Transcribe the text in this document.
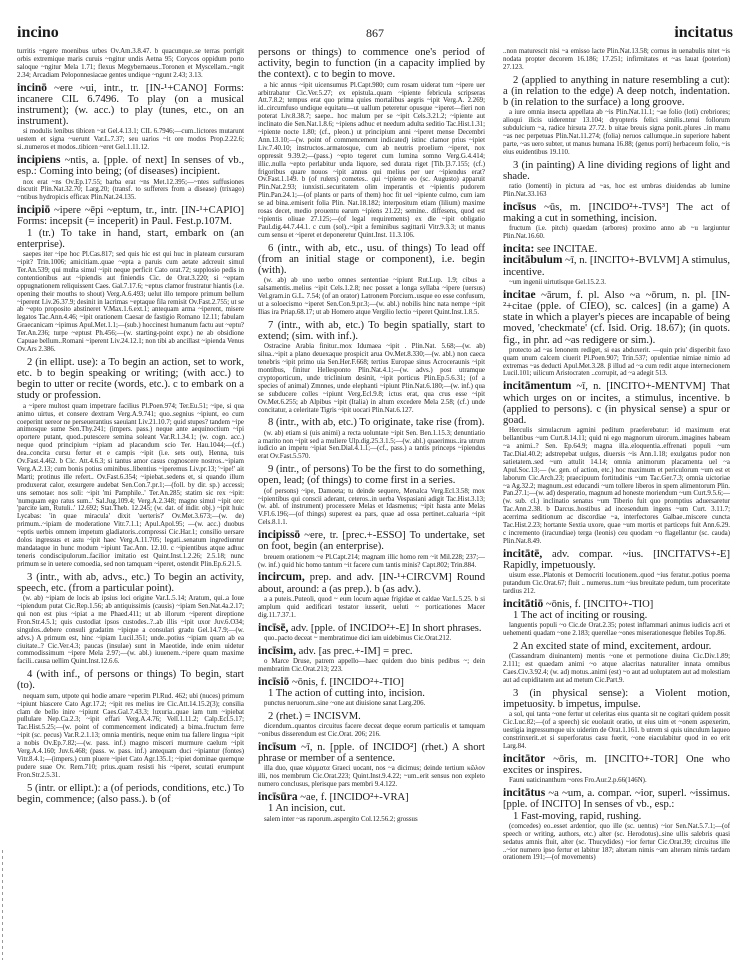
incino	867	incitatus

turritis ~ngere moenibus urbes Ov.Am.3.8.47. b quacunque..se terras porrigit orbis extremique maris curuis ~ngitur undis Aetna 95; Corycos oppidum porto saloque ~ngitur Mela 1.71; flexus Megybernaeus..Toronen et Myscellam..~ngit 2.34; Arcadiam Peloponnesiacae gentes undique ~ngunt 2.43; 3.13.

incinō ~ere ~ui, intr., tr. [IN-¹+CANO] Forms: incanere CIL 6.7496. To play (on a musical instrument); (w. acc.) to play (tunes, etc., on an instrument).

si modulis lenibus tibicen ~at Gel.4.13.1; CIL 6.7946;—cum..lictores mutarunt uestem et signa ~uerunt Var.L.7.37; seu uarios ~it ore modos Prop.2.22.6; si..numeros et modos..tibicen ~eret Gel.1.11.12.

incipiens ~ntis, a. [pple. of next] In senses of vb., esp.: Coming into being; (of diseases) incipient.

nox erat ~ns Ov.Ep.17.55; barba erat ~ns Met.12.395;—~ntes suffusiones discutit Plin.Nat.32.70; Larg.20; (transf. to sufferers from a disease) (trixago) ~ntibus hydropicis efficax Plin.Nat.24.135.

incipiō ~ipere ~ēpi ~eptum, tr., intr. [IN-¹+CAPIO] Forms: incepsit (= inceperit) in Paul. Fest.p.107M.

1 (tr.) To take in hand, start, embark on (an enterprise).

saepes iter ~ipe hoc Pl.Cas.817; sed quis hic est qui huc in plateam cursuram ~ipit? Trin.1006; amicitiam..quae ~epta a paruis cum aetate adcreuit simul Ter.An.539; qui multa simul ~ipit neque perficit Cato orat.72; supplosio pedis in contentionibus aut ~ipiendis aut finiendis Cic. de Orat.3.220; si ~eptam oppugnationem reliquissent Caes. Gal.7.17.6; ~eptus clamor frustratur hiantis (i.e. opening their mouths to shout) Verg.A.6.493; uelut illo tempore primum bellum ~iperent Liv.26.37.9; desinit in lacrimas ~eptaque fila remisit Ov.Fast.2.755; ut se ab ~epto proposito abstineret V.Max.1.6.ext.1; antequam arma ~iperent, misere legatos Tac.Ann.4.46; ~ipit orationem Caesar de fastigio Romano 12.11; fabulam Graecanicam ~ipimus Apul.Met.1.1;—(sub.) hoccinest humanum factu aut ~eptu? Ter.An.236; turpe ~eptust Ph.456;—(w. starting-point expr.) ne ab obsidione Capuae bellum..Romani ~iperent Liv.24.12.1; non tibi ab ancillast ~ipienda Venus Ov.Ars 2.386.

2 (in ellipt. use): a To begin an action, set to work, etc. b to begin speaking or writing; (with acc.) to begin to utter or recite (words, etc.). c to embark on a study or profession.

a ~ipere multost quam impetrare facilius Pl.Poen.974; Ter.Eu.51; ~ipe, si qua animo uirtus, et consere dextram Verg.A.9.741; quo..segnius ~ipiunt, eo cum coeperint uereor ne perseuerantius saeuiant Liv.21.10.7; quid stupes? tandem ~ipe animosque sume Sen.Thy.241; (impers. pass.) neque ante aequinoctium ~ipi oportere putant, quod..putescere semina soleant Var.R.1.34.1; (w. cogn. acc.) neque quod principium ~ipiam ad placandum scio Ter. Hau.1044;—(cf.) dea..concita cursu fertur et e campis ~ipit (i.e. sets out), Henna, tuis Ov.Fast.4.462. b Cic. Att.4.6.3; si tantus amor casus cognoscere nostros..~ipiam Verg.A.2.13; cum bonis potius ominibus..libentius ~iperemus Liv.pr.13; '~ipe!' ait Marti; protinus ille refert.. Ov.Fast.6.354; ~ipiebat..sedens et, si quando illum produxerat calor, exsurgere audebat Sen.Con.7.pr.1;—(foll. by dir. sp.) accessi; uns semotae: nos soli: ~ipit 'mi Pamphile..' Ter.An.285; statim sic rex ~ipit: 'numquam ego ratus sum..' Sal.Jug.109.4; Verg.A.2.348; magno simul ~ipit ore: 'parcite iam, Rutuli..' 12.692; Stat.Theb. 12.245; (w. dat. of indir. obj.) ~ipit huic Lycabas: 'in quae miracula' dixit 'uerteris?' Ov.Met.3.673;—(w. de) primum..~ipiam de moderatione Vitr.7.1.1; Apul.Apol.95; —(w. acc.) duobus ~eptis uerbis omnem impetum gladiatoris..compressi Cic.Har.1; consilio uersare dolos ingressus et astu ~ipit haec Verg.A.11.705; legati..senatum ingrediuntur mandataque in hunc modum ~ipiunt Tac.Ann. 12.10. c ~ipientibus atque adhuc teneris condiscipulorum..facilior imitatio est Quint.Inst.1.2.26; 2.5.18; nunc primum se in uetere comoedia, sed non tamquam ~iperet, ostendit Plin.Ep.6.21.5.

3 (intr., with ab, advs., etc.) To begin an activity, speech, etc. (from a particular point).

(w. ab) ~ipiam de locis ab ipsius loci origine Var.L.5.14; Aratum, qui..a Ioue ~ipiendum putat Cic.Rep.1.56; ab antiquissimis (causis) ~ipiam Sen.Nat.4a.2.17; qui non est pius ~ipiat a me Phaed.411; ut ab illorum ~iperent direptione Fron.Str.4.5.1; quis custodiat ipsos custodes..?..ab illis ~ipit uxor Juv.6.O34; singulos..debere consuli gradatim ~ipique a consulari gradu Gel.14.7.9;—(w. advs.) A primum est, hinc ~ipiam Lucil.351; unde..potius ~ipiam quam ab ea ciuitate..? Cic.Ver.4.3; paucas (insulae) sunt in Maeotide, inde enim uidetur commodissimum ~ipere Mela 2.97;—(w. abl.) iuuenem..~ipere quam maxime facili..causa uellim Quint.Inst.12.6.6.

4 (with inf., of persons or things) To begin, start (to).

nequam sum, utpote qui hodie amare ~eperim Pl.Rud. 462; ubi (nuces) primum ~ipiunt hiascere Cato Agr.17.2; ~ipit res melius ire Cic.Att.14.15.2(3); consilia clam de bello inire ~ipiunt Caes.Gal.7.43.3; luxuria..quae iam tum ~ipiebat pullulare Nep.Ca.2.3; ~ipit effari Verg.A.4.76; Vell.1.11.2; Calp.Ecl.5.17; Tac.Hist.5.25;—(w. point of commencement indicated) a bima..fructum ferre ~ipit (sc. pecus) Var.R.2.1.13; omnia mentiris, neque enim tua fallere lingua ~ipit a nobis Ov.Ep.7.82;—(w. pass. inf.) magno misceri murmure caelum ~ipit Verg.A.4.160; Juv.6.468; (pass. w. pass. inf.) antequam duci ~ipiantur (fontes) Vitr.8.4.1;—(impers.) cum pluere ~ipiet Cato Agr.135.1; ~ipiet dominae quemque pudere suae Ov. Rem.710; prius..quam resisti his ~iperet, scutati erumpunt Fron.Str.2.5.31.

5 (intr. or ellipt.): a (of periods, conditions, etc.) To begin, commence; (also pass.). b (of

persons or things) to commence one's period of activity, begin to function (in a capacity implied by the context). c to begin to move.

a hic annus ~ipit uicensumus Pl.Capt.980; cum rosam uiderat tum ~ipere uer arbitrabatur Cic.Ver.5.27; ex epistula..quam ~ipiente febricula scripseras Att.7.8.2; tempus erat quo prima quies mortalibus aegris ~ipit Verg.A. 2.269; id..circumfuso undique equitatu—ut uallum peteretur opusque ~iperet—fieri non poterat Liv.8.38.7; saepe.. hoc malum per se ~ipit Cels.3.21.2; ~ipiente aut inclinato die Sen.Nat.1.8.6; ~ipiens adhuc et needum adulta seditio Tac.Hist.1.31; ~ipiente nocte 1.80; (cf., pleon.) ut principium anni ~iperet mense Decembri Ann.13.10;—(w. point of commencement indicated) istinc clamor prius ~ipiet Liv.7.40.10; instructos..armatosque, cum ab neutris proelium ~iperet, nox oppressit 9.39.2;—(pass.) ~epto tegeret cum lumina somno Verg.G.4.414; illic..nulla ~epto perlabitur unda liquore, sed durata riget [Tib.]3.7.155; (cf.) frigoribus quare nouos ~ipit annus qui melius per uer ~ipiendus erat? Ov.Fast.1.149. b (of rulers) cometes.. qui ~ipiente eo (sc. Augusto) apparuit Plin.Nat.2.93; iunxisti..securitatem olim imperantis et ~ipientis pudorem Plin.Pan.24.1;—(of plants or parts of them) hoc fit uel ~ipiente culmo, cum iam se ad bina..emiserit folia Plin. Nat.18.182; interpositum etiam (lilium) maxime rosas decet, medio prouentu earum ~ipiens 21.22; semine.. diffesens, quod est ~ipientis oliuae 27.125;—(of legal requirements) ex die ~ipit obligatio Paul.dig.44.7.44.1. c cum (sol)..~ipit a feminibus sagittarii Vitr.9.3.3; ut manus cum sensu et ~iperet et deponeretur Quint.Inst. 11.3.106.

6 (intr., with ab, etc., usu. of things) To lead off (from an initial stage or component), i.e. begin (with).

(w. ab) ab uno uerbo omnes sententiae ~ipiunt Rut.Lup. 1.9; cibus a salsamentis..melius ~ipit Cels.1.2.8; nec posset a longa syllaba ~ipere (uersus) Vel.gram.in G.L. 7.54; (of an orator) Latronem Porcium..usque eo esse confusum, ut a soloecismo ~iperet Sen.Con.9.pr.3;—(w. abl.) nobilis hinc nata nempe ~ipit Ilias ira Priap.68.17; ut ab Homero atque Vergilio lectio ~iperet Quint.Inst.1.8.5.

7 (intr., with ab, etc.) To begin spatially, start to extend; (sim. with inf.).

Ostracine Arabia finitur..mox Idumaea ~ipit . Plin.Nat. 5.68;—(w. ab) silua..~ipit a plano deuexaque prospicit arua Ov.Met.8.330;—(w. abl.) non caeca tenebris ~ipit primo uia Sen.Her.F.668; tertius Europae sinus Acroceraunis ~ipit montibus, finitur Hellesponto Plin.Nat.4.1;—(w. advs.) post utramque cryptoporticum, unde triclinium desinit, ~ipit porticus Plin.Ep.5.6.31; (of a species of animal) Zmnnes, unde elephanti ~ipiunt Plin.Nat.6.180;—(w. inf.) qua se subducere colles ~ipiunt Verg.Ecl.9.8; ictus erat, qua crus esse ~ipit Ov.Met.6.255; ab Alpibus ~ipit (Italia) in altum excedere Mela 2.58; (cf.) unde concitatur, a celeritate Tigris ~ipit uocari Plin.Nat.6.127.

8 (intr., with ab, etc.) To originate, take rise (from).

(w. ab) etiam si (uis animi) a recta uoluntate ~ipit Sen. Ben.1.15.3; denuntiatio a marito non ~ipit sed a muliere Ulp.dig.25.3.1.5;—(w. abl.) quaerimus..ira utrum iudicio an impetu ~ipiat Sen.Dial.4.1.1;—(cf., pass.) a tantis princeps ~ipiendus erat Ov.Fast.5.570.

9 (intr., of persons) To be the first to do something, open, lead; (of things) to come first in a series.

(of persons) ~ipe, Damoeta; tu deinde sequere, Menalca Verg.Ecl.3.58; mox ~ipientibus qui conscii aderant, ceteros..in uerba Vespasiani adigit Tac.Hist.3.13; (w. abl. of instrument) processere Melas et Idasmenus; ~ipit hasta ante Melas V.Fl.6.196;—(of things) superest ea pars, quae ad ossa pertinet..caluaria ~ipit Cels.8.1.1.

incipissō ~ere, tr. [prec.+-ESSO] To undertake, set on foot, begin (an enterprise).

breuem orationem ~e Pl.Capt.214; magnam illic homo rem ~it Mil.228; 237;—(w. inf.) quid hic homo tantum ~it facere cum tantis minis? Capt.802; Trin.884.

incircum, prep. and adv. [IN-¹+CIRCVM] Round about, around: a (as prep.). b (as adv.).

a a puteis..Puteoli, quod ~ eum locum aquae frigidae et caldae Var.L.5.25. b si amplum quid aedificari testator iusserit, ueluti ~ porticationes Macer dig.11.7.37.1.

incīsē, adv. [pple. of INCIDO²+-E] In short phrases.

quo..pacto deceat ~ membratimue dici iam uidebimus Cic.Orat.212.

incīsim, adv. [as prec.+-IM] = prec.

o Marce Druse, patrem appello—haec quidem duo binis pedibus ~; dein membratim Cic.Orat.213; 223.

incīsiō ~ōnis, f. [INCIDO²+-TIO]

1 The action of cutting into, incision.

punctus neruorum..sine ~one aut diuisione sanat Larg.206.

2 (rhet.) = INCISVM.

dicendum..quantos circuitus facere deceat deque eorum particulis et tamquam ~onibus disserendum est Cic.Orat. 206; 216.

incīsum ~ī, n. [pple. of INCIDO²] (rhet.) A short phrase or member of a sentence.

illa duo, quae κόμματα Graeci uocant, nos ~a dicimus; deinde tertium κῶλον illi, nos membrum Cic.Orat.223; Quint.Inst.9.4.22; ~um..erit sensus non expleto numero conclusus, plerisque pars membri 9.4.122.

incīsūra ~ae, f. [INCIDO²+-VRA]

1 An incision, cut.

salem inter ~as raporum..aspergito Col.12.56.2; grossus

..non maturescit nisi ~a emisso lacte Plin.Nat.13.58; cornus in uenabulis nitet ~is nodata propter decorem 16.186; 17.251; infirmitates et ~as lauat (poterion) 27.123.

2 (applied to anything in nature resembling a cut): a (in relation to the edge) A deep notch, indentation. b (in relation to the surface) a long groove.

a iure omnia insecta appellata ab ~is Plin.Nat.11.1; ~ae folio (loti) crebriores; alioqui ilicis uiderentur 13.104; dryopteris felici similis..tenui follorum subdulcium ~a, radice hirsuta 27.72. b uitae breuis signa ponit..plures ..in manu ~as nec perpetuas Plin.Nat.11.274; (folia) neruos callumque..in superiore habent parte, ~as uero subter, ut manus humana 16.88; (genus porri) herbaceum folio, ~is eius euidentibus 19.110.

3 (in painting) A line dividing regions of light and shade.

ratio (lomenti) in pictura ad ~as, hoc est umbras diuidendas ab lumine Plin.Nat.33.163

incīsus ~ūs, m. [INCIDO²+-TVS³] The act of making a cut in something, incision.

fructum (i.e. pitch) quaedam (arbores) proximo anno ab ~u largiuntur Plin.Nat.16.60.

incita: see INCITAE.

incitābulum ~ī, n. [INCITO+-BVLVM] A stimulus, incentive.

~um ingenii uirtutisque Gel.15.2.3.

incitae ~ārum, f. pl. Also ~a ~ōrum, n. pl. [IN-²+citae (pple. of CIEO), sc. calces] (in a game) A state in which a player's pieces are incapable of being moved, 'checkmate' (cf. Isid. Orig. 18.67); (in quots. fig., in phr. ad ~as redigere or sim.).

protecto ad ~as lenonem rediget, si eas abduxerit. —quin priu' disperibit faxo quam unum calcem ciuerit Pl.Poen.907; Trin.537; opulentiae nimiae nimio ad extremas ~as deducti Apul.Met.3.28. β illud ad ~a cum redit atque internecionem Lucil.101; uilicum Aristocraten ..corrupit, ad ~a adegit 513.

incitāmentum ~ī, n. [INCITO+-MENTVM] That which urges on or incites, a stimulus, incentive. b (applied to persons). c (in physical sense) a spur or goad.

Herculis simulacrum agmini peditum praeferebatur: id maximum erat bellantibus ~um Curt.8.14.11; quid ni ego magnorum uirorum..imagines habeam ~a animi..? Sen. Ep.64.9; magna illa..eloquentia..effrenati populi ~um Tac.Dial.40.2; adstrepebat uulgus, diuersis ~is Ann.1.18; exulgatus pudor non satietatem..sed ~um attulit 14.14; omnia animorum placamenta uel ~a Apul.Soc.13;— (w. gen. of action, etc.) hoc maximum et periculorum ~um est et laborum Cic.Arch.23; praecipuum fortitudinis ~um Tac.Ger.7.3; omnia uictoriae ~a Ag.32.2; magnum..est educandi ~um tollere liberos in spem alimentorum Plin. Pan.27.1;—(w. ad) desperatio, magnum ad honeste moriendum ~um Curt.9.5.6;—(w. sub. cl.) inclinatio senatus ~um Tiberio fuit quo promptius aduersaretur Tac.Ann.2.38. b Darcus..hostibus ad incesendum ingens ~um Curt. 3.11.7; acerrima seditionum ac discordiae ~a, interfectores Galbae..miscere cuncta Tac.Hist.2.23; hortante Sextia uxore, quae ~um mortis et particeps fuit Ann.6.29. c incremento (iracundiae) terga (leonis) ceu quodam ~o flagellantur (sc. cauda) Plin.Nat.8.49.

incitātē, adv. compar. ~ius. [INCITATVS+-E] Rapidly, impetuously.

uisum esse..Platonis et Democriti locutionem..quod ~ius feratur..potius poema putandum Cic.Orat.67; fluit .. numerus..tum ~ius breuitate pedum, tum proceritate tardius 212.

incitātiō ~ōnis, f. [INCITO+-TIO]

1 The act of inciting or rousing.

languentis populi ~o Cic.de Orat.2.35; potest inflammari animus iudicis acri et uehementi quadam ~one 2.183; querellae ~ones miserationesque flebiles Top.86.

2 An excited state of mind, excitement, ardour.

(Cassandram diuinantem) mentis ~one et permotione diuina Cic.Div.1.89; 2.111; est quaedam animi ~o atque alacritas naturaliter innata omnibus Caes.Civ.3.92.4; (w. ad) motus..animi (est) ~o aut ad uoluptatem aut ad molestiam aut ad cupiditatem aut ad metum Cic.Part.9.

3 (in physical sense): a Violent motion, impetuosity. b impetus, impulse.

a sol, qui tanta ~one fertur ut celeritas eius quanta sit ne cogitari quidem possit Cic.Luc.82;—(of a speech) sic euolauit oratio, ut eius uim et ~onem aspexerim, uestigia ingressumque uix uiderim de Orat.1.161. b utrem si quis uinculum laqueo constrinxerit..et si superforatus casu fuerit, ~one eiaculabitur quod in eo erit Larg.84.

incitātor ~ōris, m. [INCITO+-TOR] One who excites or inspires.

Fauni uaticinanthum ~ores Fro.Aur.2.p.66(146N).

incitātus ~a ~um, a. compar. ~ior, superl. ~issimus. [pple. of INCITO] In senses of vb., esp.:

1 Fast-moving, rapid, rushing.

(comcedes) eo..esset ardentior, quo ille (sc. uentus) ~ior Sen.Nat.5.7.1;—(of speech or writing, authors, etc.) alter (sc. Herodotus)..sine ullis salebris quasi sedatus amnis fluit, alter (sc. Thucydides) ~ior fertur Cic.Orat.39; circuitus ille ..~ior numero ipso fertur et labitur 187; alteram nimis ~am alteram nimis tardam orationem 191;—(of movements)
